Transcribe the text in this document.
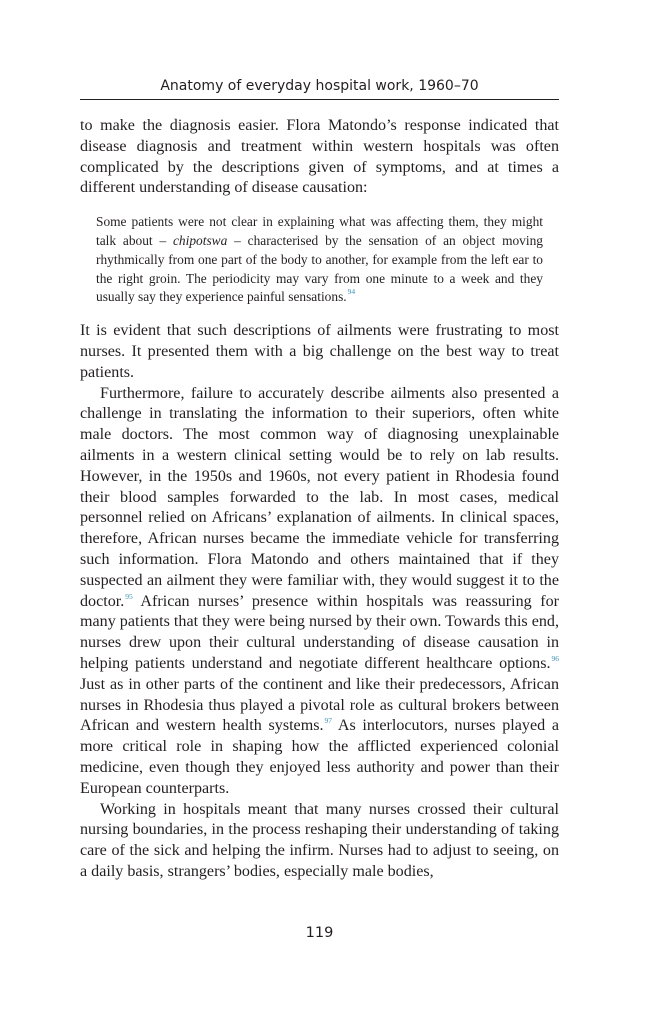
Anatomy of everyday hospital work, 1960–70

to make the diagnosis easier. Flora Matondo’s response indicated that disease diagnosis and treatment within western hospitals was often complicated by the descriptions given of symptoms, and at times a different understanding of disease causation:

Some patients were not clear in explaining what was affecting them, they might talk about – chipotswa – characterised by the sensation of an object moving rhythmically from one part of the body to another, for example from the left ear to the right groin. The periodicity may vary from one minute to a week and they usually say they experience painful sensations.$^{94}$

It is evident that such descriptions of ailments were frustrating to most nurses. It presented them with a big challenge on the best way to treat patients.

Furthermore, failure to accurately describe ailments also presented a challenge in translating the information to their superiors, often white male doctors. The most common way of diagnosing unexplainable ailments in a western clinical setting would be to rely on lab results. However, in the 1950s and 1960s, not every patient in Rhodesia found their blood samples forwarded to the lab. In most cases, medical personnel relied on Africans’ explanation of ailments. In clinical spaces, therefore, African nurses became the immediate vehicle for transferring such information. Flora Matondo and others maintained that if they suspected an ailment they were familiar with, they would suggest it to the doctor.$^{95}$ African nurses’ presence within hospitals was reassuring for many patients that they were being nursed by their own. Towards this end, nurses drew upon their cultural understanding of disease causation in helping patients understand and negotiate different healthcare options.$^{96}$ Just as in other parts of the continent and like their predecessors, African nurses in Rhodesia thus played a pivotal role as cultural brokers between African and western health systems.$^{97}$ As interlocutors, nurses played a more critical role in shaping how the afflicted experienced colonial medicine, even though they enjoyed less authority and power than their European counterparts.

Working in hospitals meant that many nurses crossed their cultural nursing boundaries, in the process reshaping their understanding of taking care of the sick and helping the infirm. Nurses had to adjust to seeing, on a daily basis, strangers’ bodies, especially male bodies,

119
